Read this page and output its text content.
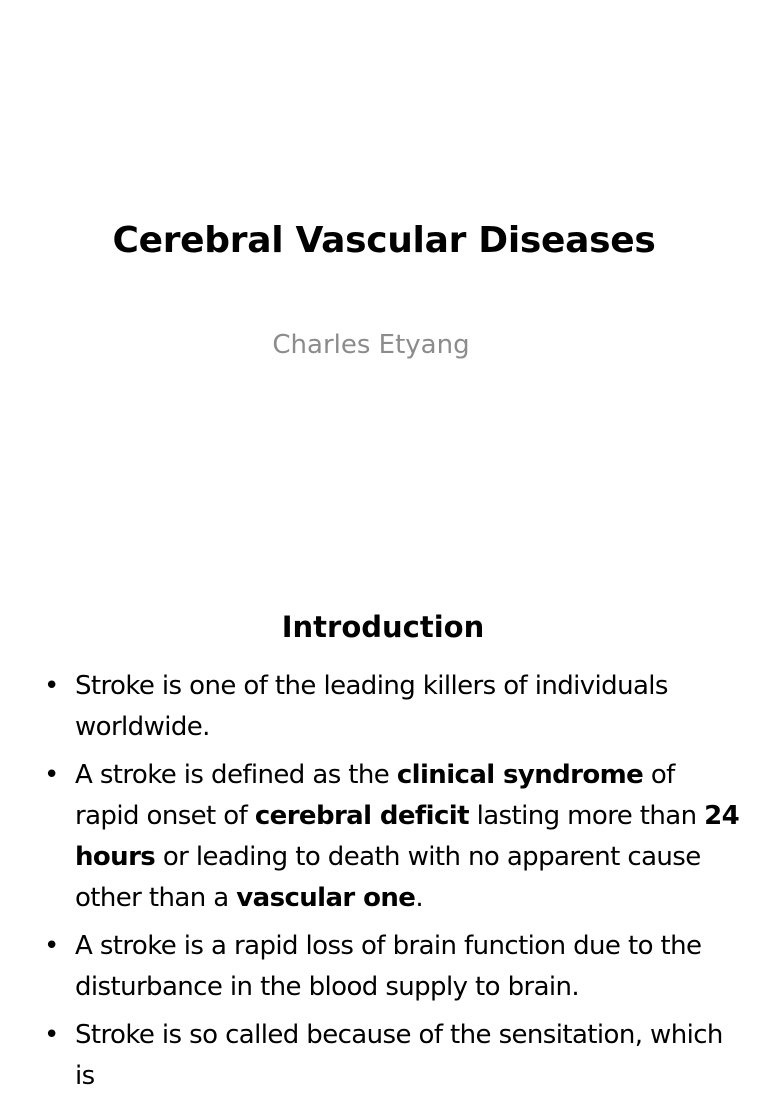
Cerebral Vascular Diseases
Charles Etyang
Introduction
• Stroke is one of the leading killers of individuals worldwide.
• A stroke is defined as the clinical syndrome of rapid onset of cerebral deficit lasting more than 24 hours or leading to death with no apparent cause other than a vascular one.
• A stroke is a rapid loss of brain function due to the disturbance in the blood supply to brain.
• Stroke is so called because of the sensitation, which is
